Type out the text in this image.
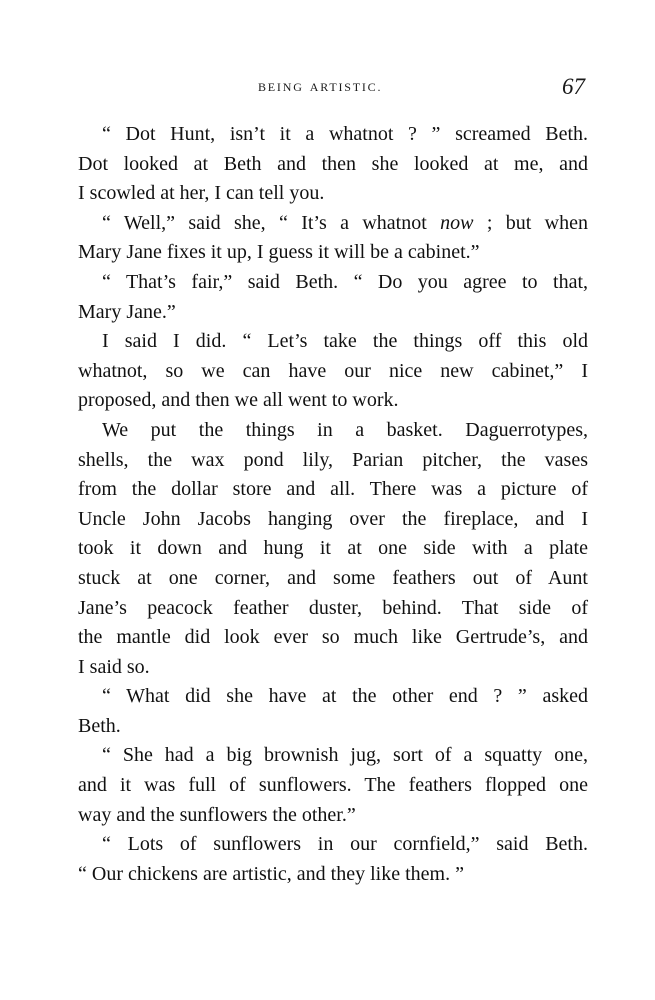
BEING ARTISTIC.	67
“ Dot Hunt, isn’t it a whatnot ? ” screamed Beth.
Dot looked at Beth and then she looked at me, and
I scowled at her, I can tell you.
“ Well,” said she, “ It’s a whatnot now ; but when
Mary Jane fixes it up, I guess it will be a cabinet.”
“ That’s fair,” said Beth. “ Do you agree to that,
Mary Jane.”
I said I did. “ Let’s take the things off this old
whatnot, so we can have our nice new cabinet,” I
proposed, and then we all went to work.
We put the things in a basket. Daguerrotypes,
shells, the wax pond lily, Parian pitcher, the vases
from the dollar store and all. There was a picture of
Uncle John Jacobs hanging over the fireplace, and I
took it down and hung it at one side with a plate
stuck at one corner, and some feathers out of Aunt
Jane’s peacock feather duster, behind. That side of
the mantle did look ever so much like Gertrude’s, and
I said so.
“ What did she have at the other end ? ” asked
Beth.
“ She had a big brownish jug, sort of a squatty one,
and it was full of sunflowers. The feathers flopped one
way and the sunflowers the other.”
“ Lots of sunflowers in our cornfield,” said Beth.
“ Our chickens are artistic, and they like them. ”
